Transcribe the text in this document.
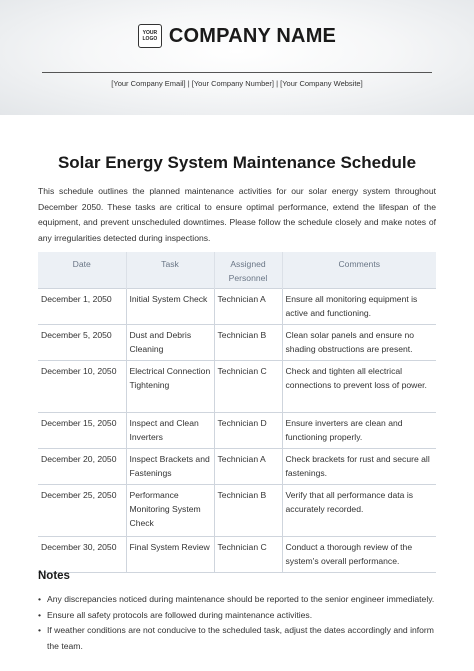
YOUR
LOGO COMPANY NAME
[Your Company Email] | [Your Company Number] | [Your Company Website]
Solar Energy System Maintenance Schedule

This schedule outlines the planned maintenance activities for our solar energy system throughout December 2050. These tasks are critical to ensure optimal performance, extend the lifespan of the equipment, and prevent unscheduled downtimes. Please follow the schedule closely and make notes of any irregularities detected during inspections.

Date	Task	Assigned Personnel	Comments
December 1, 2050	Initial System Check	Technician A	Ensure all monitoring equipment is active and functioning.
December 5, 2050	Dust and Debris Cleaning	Technician B	Clean solar panels and ensure no shading obstructions are present.
December 10, 2050	Electrical Connection Tightening	Technician C	Check and tighten all electrical connections to prevent loss of power.
December 15, 2050	Inspect and Clean Inverters	Technician D	Ensure inverters are clean and functioning properly.
December 20, 2050	Inspect Brackets and Fastenings	Technician A	Check brackets for rust and secure all fastenings.
December 25, 2050	Performance Monitoring System Check	Technician B	Verify that all performance data is accurately recorded.
December 30, 2050	Final System Review	Technician C	Conduct a thorough review of the system's overall performance.
Notes
• Any discrepancies noticed during maintenance should be reported to the senior engineer immediately.
• Ensure all safety protocols are followed during maintenance activities.
• If weather conditions are not conducive to the scheduled task, adjust the dates accordingly and inform the team.
